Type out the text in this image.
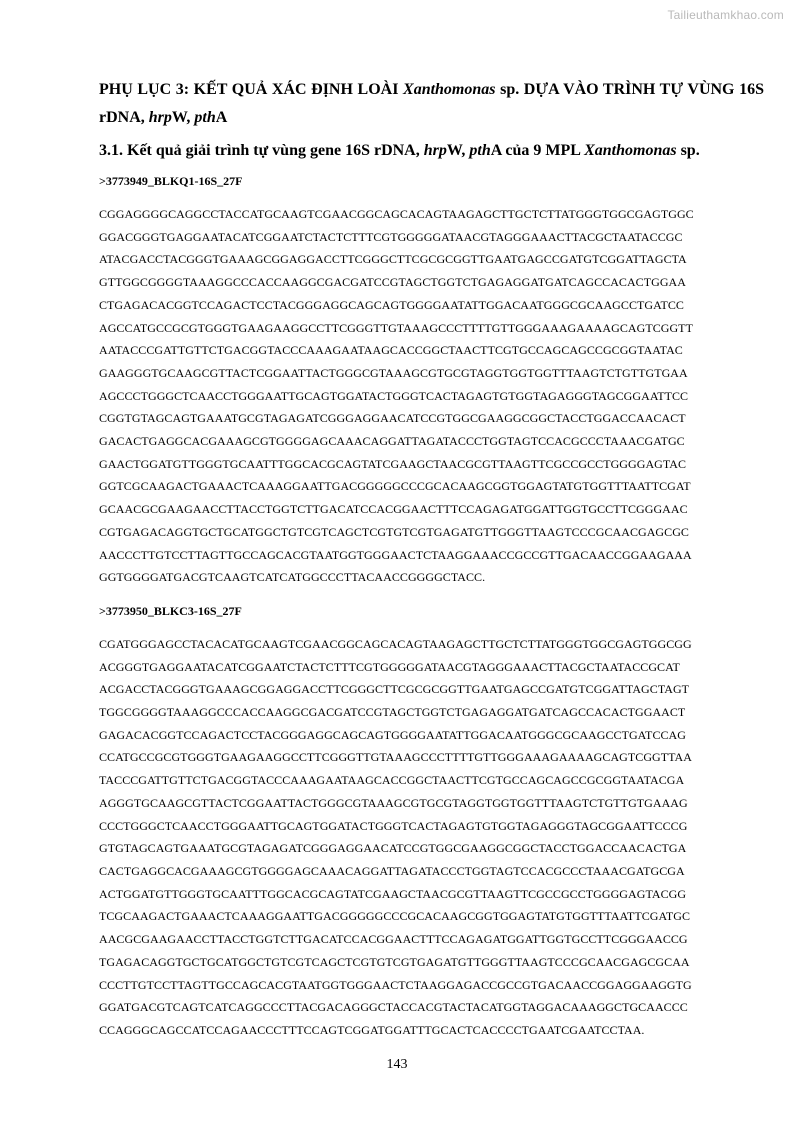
Tailieuthamkhao.com
PHỤ LỤC 3: KẾT QUẢ XÁC ĐỊNH LOÀI Xanthomonas sp. DỰA VÀO TRÌNH TỰ VÙNG 16S rDNA, hrpW, pthA
3.1. Kết quả giải trình tự vùng gene 16S rDNA, hrpW, pthA của 9 MPL Xanthomonas sp.
>3773949_BLKQ1-16S_27F
CGGAGGGGCAGGCCTACCATGCAAGTCGAACGGCAGCACAGTAAGAGCTTGCTCTTATGGGTGGCGAGTGGC
GGACGGGTGAGGAATACATCGGAATCTACTCTTTCGTGGGGGATAACGTAGGGAAACTTACGCTAATACCGC
ATACGACCTACGGGTGAAAGCGGAGGACCTTCGGGCTTCGCGCGGTTGAATGAGCCGATGTCGGATTAGCTA
GTTGGCGGGGTAAAGGCCCACCAAGGCGACGATCCGTAGCTGGTCTGAGAGGATGATCAGCCACACTGGAA
CTGAGACACGGTCCAGACTCCTACGGGAGGCAGCAGTGGGGAATATTGGACAATGGGCGCAAGCCTGATCC
AGCCATGCCGCGTGGGTGAAGAAGGCCTTCGGGTTGTAAAGCCCTTTTGTTGGGAAAGAAAAGCAGTCGGTT
AATACCCGATTGTTCTGACGGTACCCAAAGAATAAGCACCGGCTAACTTCGTGCCAGCAGCCGCGGTAATAC
GAAGGGTGCAAGCGTTACTCGGAATTACTGGGCGTAAAGCGTGCGTAGGTGGTGGTTTAAGTCTGTTGTGAA
AGCCCTGGGCTCAACCTGGGAATTGCAGTGGATACTGGGTCACTAGAGTGTGGTAGAGGGTAGCGGAATTCC
CGGTGTAGCAGTGAAATGCGTAGAGATCGGGAGGAACATCCGTGGCGAAGGCGGCTACCTGGACCAACACT
GACACTGAGGCACGAAAGCGTGGGGAGCAAACAGGATTAGATACCCTGGTAGTCCACGCCCTAAACGATGC
GAACTGGATGTTGGGTGCAATTTGGCACGCAGTATCGAAGCTAACGCGTTAAGTTCGCCGCCTGGGGAGTAC
GGTCGCAAGACTGAAACTCAAAGGAATTGACGGGGGCCCGCACAAGCGGTGGAGTATGTGGTTTAATTCGAT
GCAACGCGAAGAACCTTACCTGGTCTTGACATCCACGGAACTTTCCAGAGATGGATTGGTGCCTTCGGGAAC
CGTGAGACAGGTGCTGCATGGCTGTCGTCAGCTCGTGTCGTGAGATGTTGGGTTAAGTCCCGCAACGAGCGC
AACCCTTGTCCTTAGTTGCCAGCACGTAATGGTGGGAACTCTAAGGAAACCGCCGTTGACAACCGGAAGAAA
GGTGGGGATGACGTCAAGTCATCATGGCCCTTACAACCGGGGCTACC.
>3773950_BLKC3-16S_27F
CGATGGGAGCCTACACATGCAAGTCGAACGGCAGCACAGTAAGAGCTTGCTCTTATGGGTGGCGAGTGGCGG
ACGGGTGAGGAATACATCGGAATCTACTCTTTCGTGGGGGATAACGTAGGGAAACTTACGCTAATACCGCAT
ACGACCTACGGGTGAAAGCGGAGGACCTTCGGGCTTCGCGCGGTTGAATGAGCCGATGTCGGATTAGCTAGT
TGGCGGGGTAAAGGCCCACCAAGGCGACGATCCGTAGCTGGTCTGAGAGGATGATCAGCCACACTGGAACT
GAGACACGGTCCAGACTCCTACGGGAGGCAGCAGTGGGGAATATTGGACAATGGGCGCAAGCCTGATCCAG
CCATGCCGCGTGGGTGAAGAAGGCCTTCGGGTTGTAAAGCCCTTTTGTTGGGAAAGAAAAGCAGTCGGTTAA
TACCCGATTGTTCTGACGGTACCCAAAGAATAAGCACCGGCTAACTTCGTGCCAGCAGCCGCGGTAATACGA
AGGGTGCAAGCGTTACTCGGAATTACTGGGCGTAAAGCGTGCGTAGGTGGTGGTTTAAGTCTGTTGTGAAAG
CCCTGGGCTCAACCTGGGAATTGCAGTGGATACTGGGTCACTAGAGTGTGGTAGAGGGTAGCGGAATTCCCG
GTGTAGCAGTGAAATGCGTAGAGATCGGGAGGAACATCCGTGGCGAAGGCGGCTACCTGGACCAACACTGA
CACTGAGGCACGAAAGCGTGGGGAGCAAACAGGATTAGATACCCTGGTAGTCCACGCCCTAAACGATGCGA
ACTGGATGTTGGGTGCAATTTGGCACGCAGTATCGAAGCTAACGCGTTAAGTTCGCCGCCTGGGGAGTACGG
TCGCAAGACTGAAACTCAAAGGAATTGACGGGGGCCCGCACAAGCGGTGGAGTATGTGGTTTAATTCGATGC
AACGCGAAGAACCTTACCTGGTCTTGACATCCACGGAACTTTCCAGAGATGGATTGGTGCCTTCGGGAACCG
TGAGACAGGTGCTGCATGGCTGTCGTCAGCTCGTGTCGTGAGATGTTGGGTTAAGTCCCGCAACGAGCGCAA
CCCTTGTCCTTAGTTGCCAGCACGTAATGGTGGGAACTCTAAGGAGACCGCCGTGACAACCGGAGGAAGGTG
GGATGACGTCAGTCATCAGGCCCTTACGACAGGGCTACCACGTACTACATGGTAGGACAAAGGCTGCAACCC
CCAGGGCAGCCATCCAGAACCCTTTCCAGTCGGATGGATTTGCACTCACCCCTGAATCGAATCCTAA.
143
